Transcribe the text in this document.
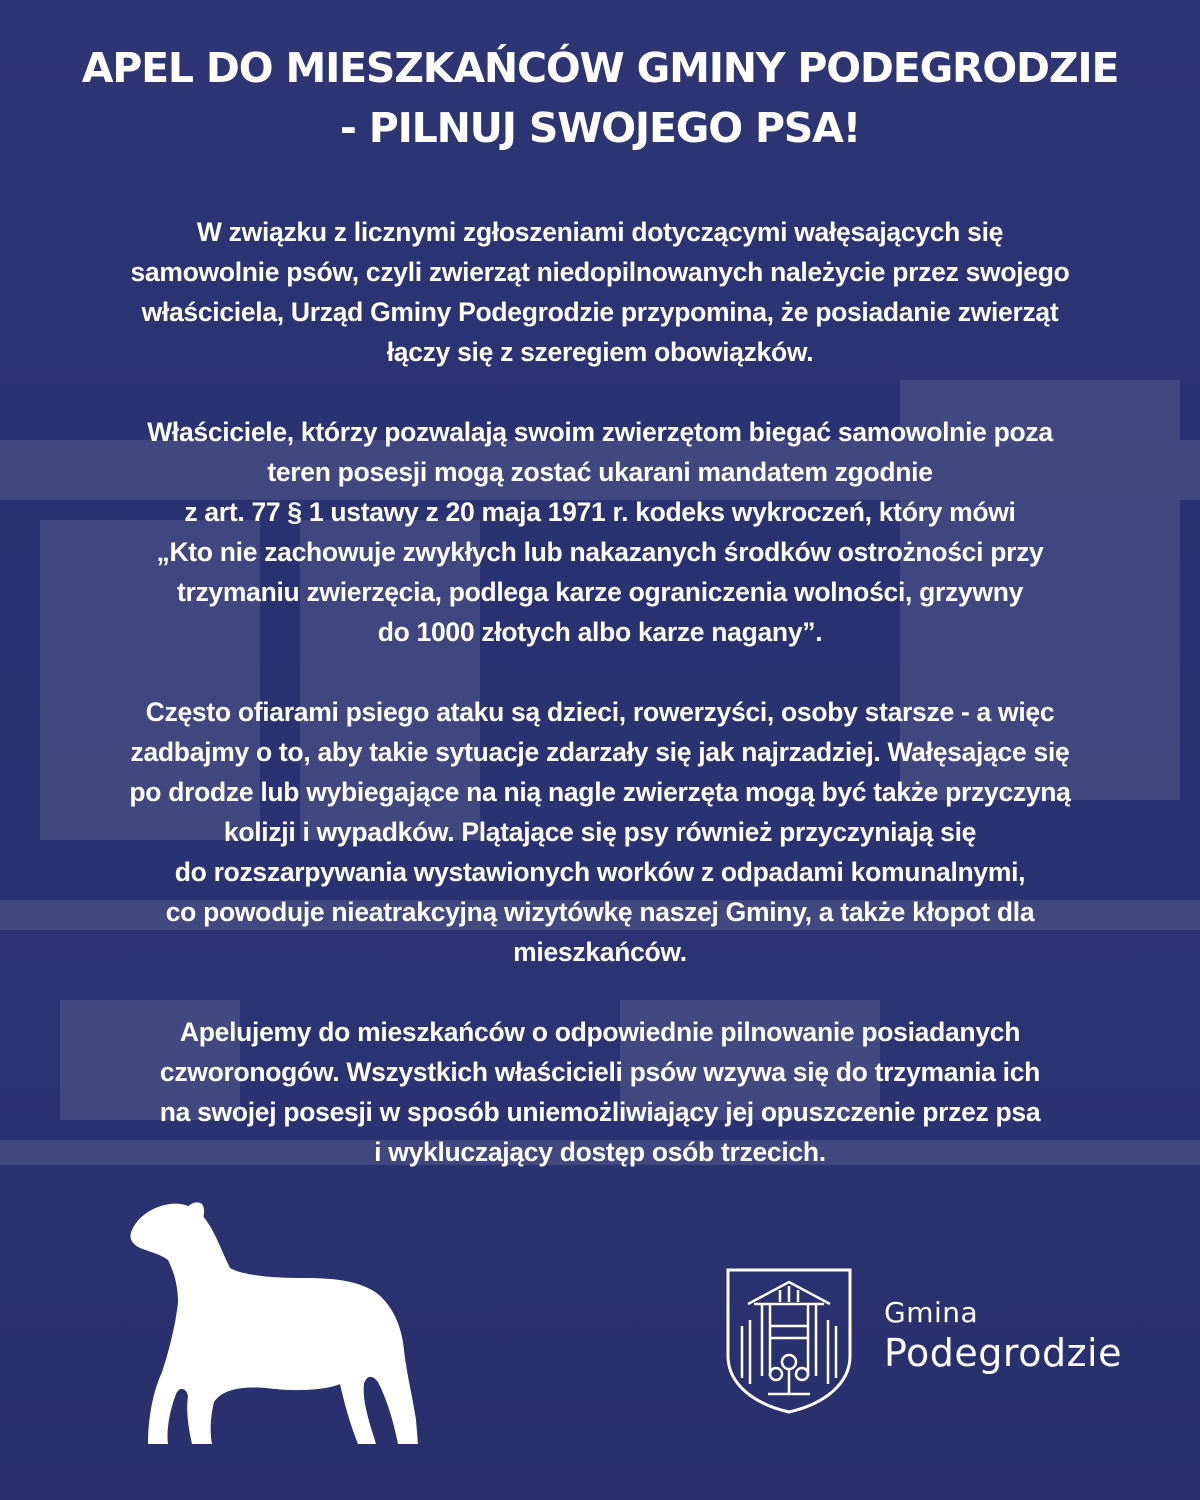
APEL DO MIESZKAŃCÓW GMINY PODEGRODZIE
- PILNUJ SWOJEGO PSA!

W związku z licznymi zgłoszeniami dotyczącymi wałęsających się
samowolnie psów, czyli zwierząt niedopilnowanych należycie przez swojego
właściciela, Urząd Gminy Podegrodzie przypomina, że posiadanie zwierząt
łączy się z szeregiem obowiązków.

Właściciele, którzy pozwalają swoim zwierzętom biegać samowolnie poza
teren posesji mogą zostać ukarani mandatem zgodnie
z art. 77 § 1 ustawy z 20 maja 1971 r. kodeks wykroczeń, który mówi
„Kto nie zachowuje zwykłych lub nakazanych środków ostrożności przy
trzymaniu zwierzęcia, podlega karze ograniczenia wolności, grzywny
do 1000 złotych albo karze nagany”.

Często ofiarami psiego ataku są dzieci, rowerzyści, osoby starsze - a więc
zadbajmy o to, aby takie sytuacje zdarzały się jak najrzadziej. Wałęsające się
po drodze lub wybiegające na nią nagle zwierzęta mogą być także przyczyną
kolizji i wypadków. Plątające się psy również przyczyniają się
do rozszarpywania wystawionych worków z odpadami komunalnymi,
co powoduje nieatrakcyjną wizytówkę naszej Gminy, a także kłopot dla
mieszkańców.

Apelujemy do mieszkańców o odpowiednie pilnowanie posiadanych
czworonogów. Wszystkich właścicieli psów wzywa się do trzymania ich
na swojej posesji w sposób uniemożliwiający jej opuszczenie przez psa
i wykluczający dostęp osób trzecich.

Gmina
Podegrodzie
